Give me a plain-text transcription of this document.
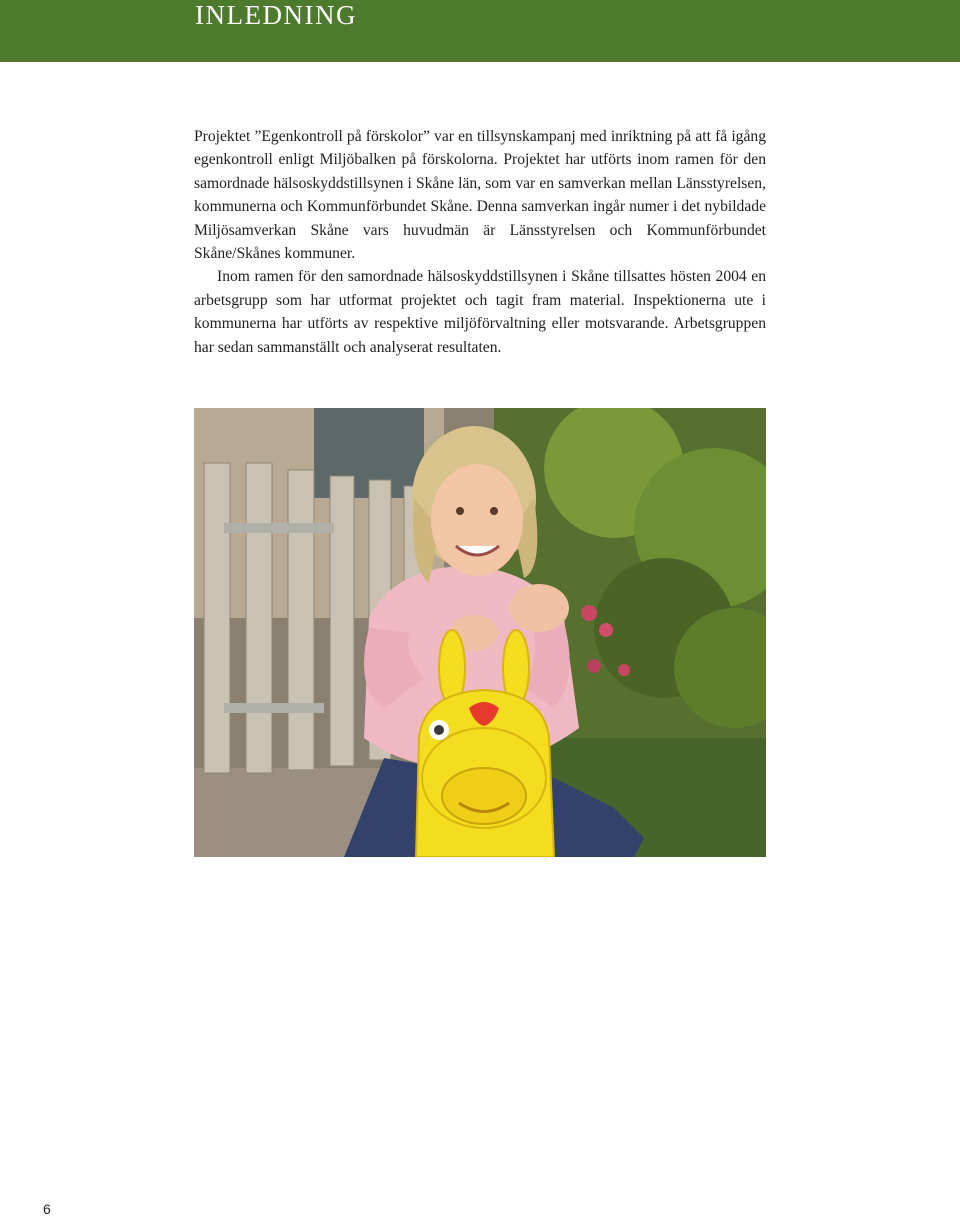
INLEDNING

Projektet ”Egenkontroll på förskolor” var en tillsynskampanj med inriktning på att få igång egenkontroll enligt Miljöbalken på förskolorna. Projektet har utförts inom ramen för den samordnade hälsoskyddstillsynen i Skåne län, som var en samverkan mellan Länsstyrelsen, kommunerna och Kommunförbundet Skåne. Denna samverkan ingår numer i det nybildade Miljösamverkan Skåne vars huvudmän är Länsstyrelsen och Kommunförbundet Skåne/Skånes kommuner.

Inom ramen för den samordnade hälsoskyddstillsynen i Skåne tillsattes hösten 2004 en arbetsgrupp som har utformat projektet och tagit fram material. Inspektionerna ute i kommunerna har utförts av respektive miljöförvaltning eller motsvarande. Arbetsgruppen har sedan sammanställt och analyserat resultaten.

6
